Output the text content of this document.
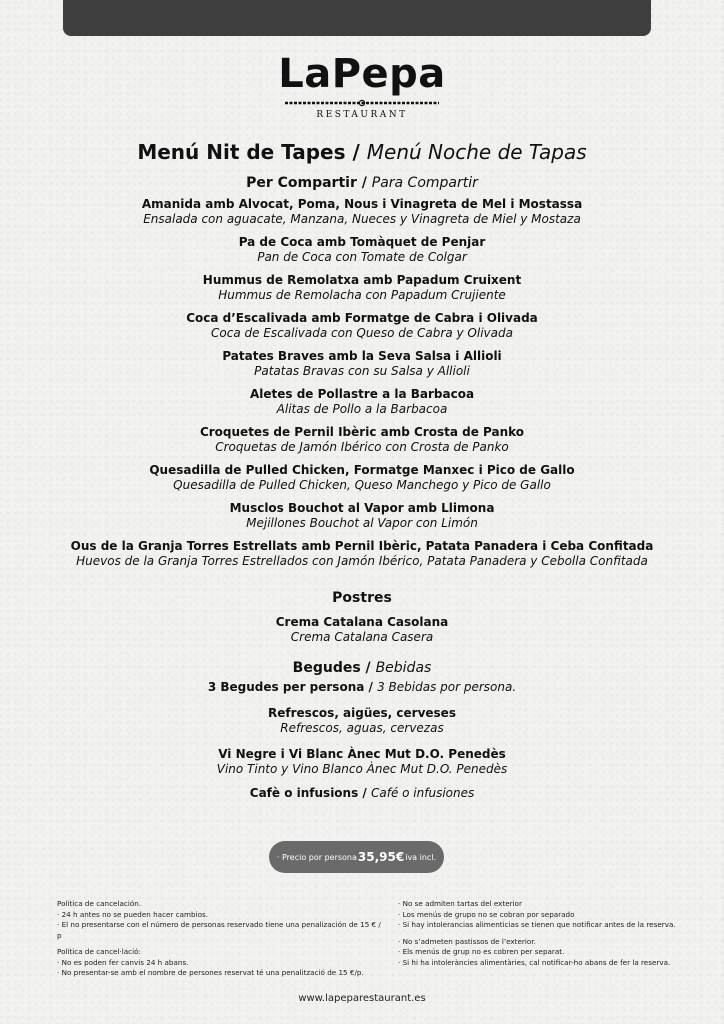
LaPepa
RESTAURANT
Menú Nit de Tapes / Menú Noche de Tapas
Per Compartir / Para Compartir
Amanida amb Alvocat, Poma, Nous i Vinagreta de Mel i Mostassa
Ensalada con aguacate, Manzana, Nueces y Vinagreta de Miel y Mostaza
Pa de Coca amb Tomàquet de Penjar
Pan de Coca con Tomate de Colgar
Hummus de Remolatxa amb Papadum Cruixent
Hummus de Remolacha con Papadum Crujiente
Coca d’Escalivada amb Formatge de Cabra i Olivada
Coca de Escalivada con Queso de Cabra y Olivada
Patates Braves amb la Seva Salsa i Allioli
Patatas Bravas con su Salsa y Allioli
Aletes de Pollastre a la Barbacoa
Alitas de Pollo a la Barbacoa
Croquetes de Pernil Ibèric amb Crosta de Panko
Croquetas de Jamón Ibérico con Crosta de Panko
Quesadilla de Pulled Chicken, Formatge Manxec i Pico de Gallo
Quesadilla de Pulled Chicken, Queso Manchego y Pico de Gallo
Musclos Bouchot al Vapor amb Llimona
Mejillones Bouchot al Vapor con Limón
Ous de la Granja Torres Estrellats amb Pernil Ibèric, Patata Panadera i Ceba Confitada
Huevos de la Granja Torres Estrellados con Jamón Ibérico, Patata Panadera y Cebolla Confitada
Postres
Crema Catalana Casolana
Crema Catalana Casera
Begudes / Bebidas
3 Begudes per persona / 3 Bebidas por persona.
Refrescos, aigües, cerveses
Refrescos, aguas, cervezas
Vi Negre i Vi Blanc Ànec Mut D.O. Penedès
Vino Tinto y Vino Blanco Ànec Mut D.O. Penedès
Cafè o infusions / Café o infusiones
· Precio por persona 35,95€ iva incl.

Política de cancelación.

· 24 h antes no se pueden hacer cambios.

· El no presentarse con el número de personas reservado tiene una penalización de 15 € / p

Política de cancel·lació:

· No es poden fer canvis 24 h abans.

· No presentar-se amb el nombre de persones reservat té una penalització de 15 €/p.

· No se admiten tartas del exterior

· Los menús de grupo no se cobran por separado

· Si hay intolerancias alimenticias se tienen que notificar antes de la reserva.

· No s’admeten pastissos de l’exterior.

· Els menús de grup no es cobren per separat.

· Si hi ha intoleràncies alimentàries, cal notificar-ho abans de fer la reserva.

www.lapeparestaurant.es
